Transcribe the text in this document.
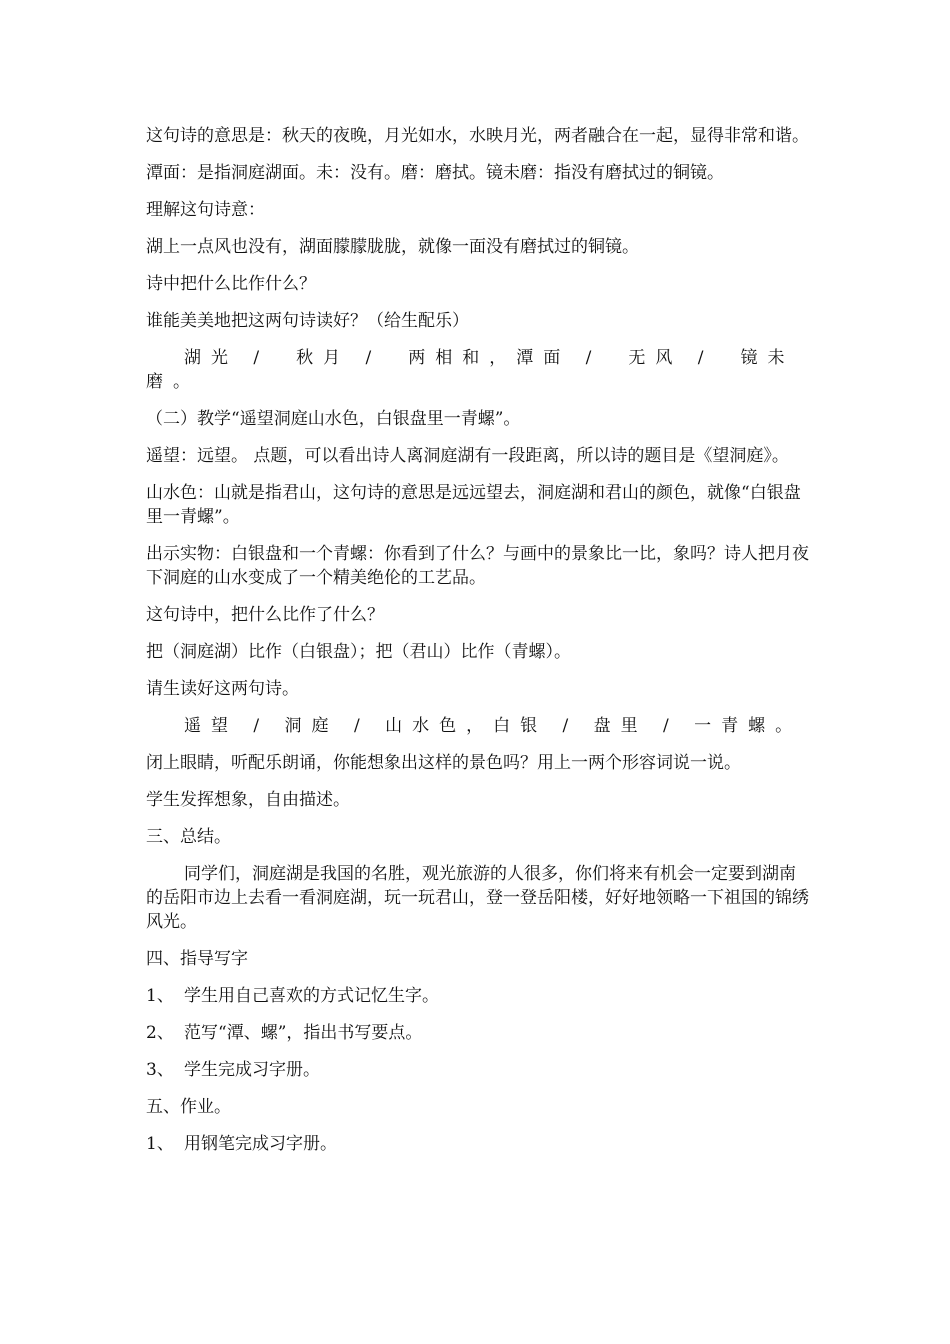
这句诗的意思是：秋天的夜晚，月光如水，水映月光，两者融合在一起，显得非常和谐。

潭面：是指洞庭湖面。未：没有。磨：磨拭。镜未磨：指没有磨拭过的铜镜。

理解这句诗意：

湖上一点风也没有，湖面朦朦胧胧，就像一面没有磨拭过的铜镜。

诗中把什么比作什么？

谁能美美地把这两句诗读好？（给生配乐）

湖光 /　秋月 /　两相和，潭面 /　无风 /　镜未磨。

（二）教学“遥望洞庭山水色，白银盘里一青螺”。

遥望：远望。 点题，可以看出诗人离洞庭湖有一段距离，所以诗的题目是《望洞庭》。

山水色：山就是指君山，这句诗的意思是远远望去，洞庭湖和君山的颜色，就像“白银盘里一青螺”。

出示实物：白银盘和一个青螺：你看到了什么？与画中的景象比一比，象吗？诗人把月夜下洞庭的山水变成了一个精美绝伦的工艺品。

这句诗中，把什么比作了什么？

把（洞庭湖）比作（白银盘）；把（君山）比作（青螺）。

请生读好这两句诗。

遥望 / 洞庭 / 山水色，白银 / 盘里 / 一青螺。

闭上眼睛，听配乐朗诵，你能想象出这样的景色吗？用上一两个形容词说一说。

学生发挥想象，自由描述。

三、总结。

同学们，洞庭湖是我国的名胜，观光旅游的人很多，你们将来有机会一定要到湖南的岳阳市边上去看一看洞庭湖，玩一玩君山，登一登岳阳楼，好好地领略一下祖国的锦绣风光。

四、指导写字

1、 学生用自己喜欢的方式记忆生字。

2、 范写“潭、螺”，指出书写要点。

3、 学生完成习字册。

五、作业。

1、 用钢笔完成习字册。
